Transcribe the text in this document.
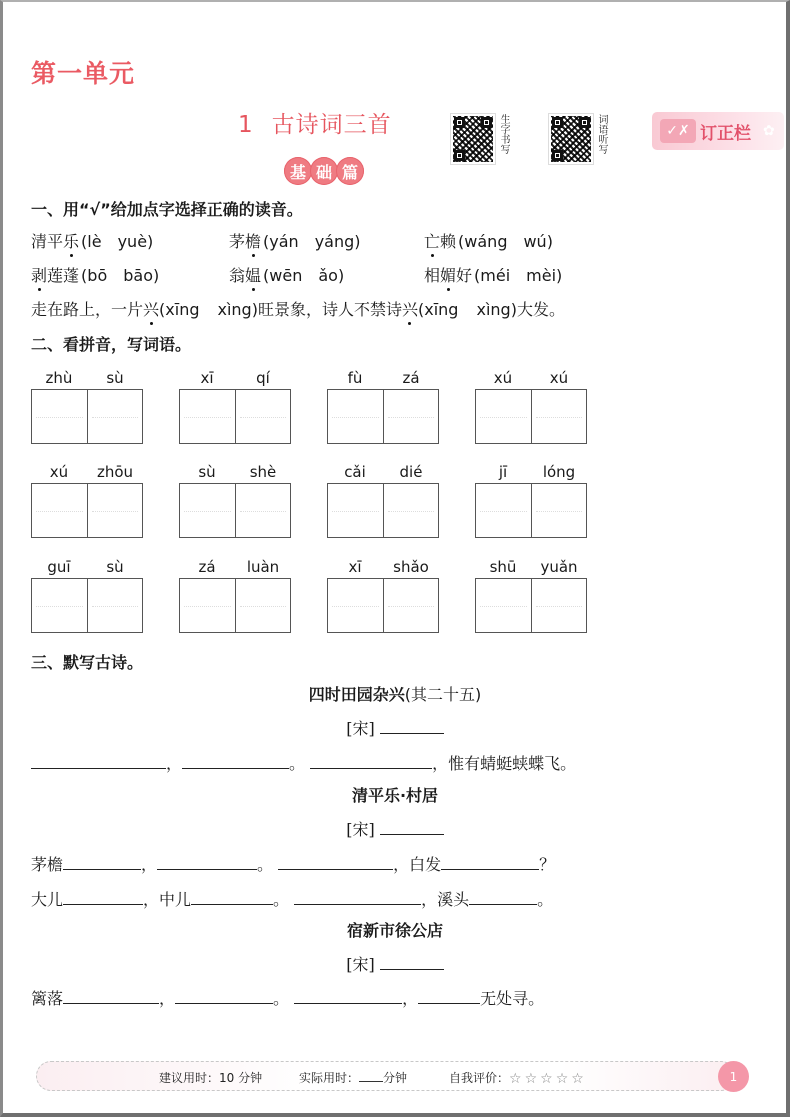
第一单元
1 古诗词三首	生字书写	词语听写	✓✗ 订正栏 ✿
基 础 篇
一、用“√”给加点字选择正确的读音。
清平乐 (lè yuè)	茅檐 (yán yáng)	亡赖 (wáng wú)
剥莲蓬 (bō bāo)	翁媪 (wēn ǎo)	相媚好 (méi mèi)
走在路上，一片兴(xīng xìng)旺景象，诗人不禁诗兴(xīng xìng)大发。
二、看拼音，写词语。
zhù	sù	xī	qí	fù	zá	xú	xú
xú	zhōu	sù	shè	cǎi	dié	jī	lóng
guī	sù	zá	luàn	xī	shǎo	shū	yuǎn
三、默写古诗。
四时田园杂兴(其二十五)
[宋]
，	。	，惟有蜻蜓蛱蝶飞。
清平乐·村居
[宋]
茅檐	，	。	，白发	？
大儿	，中儿	。	，溪头	。
宿新市徐公店
[宋]
篱落	，	。	，	无处寻。
建议用时：10 分钟	实际用时： 分钟	自我评价： ☆ ☆ ☆ ☆ ☆	1
